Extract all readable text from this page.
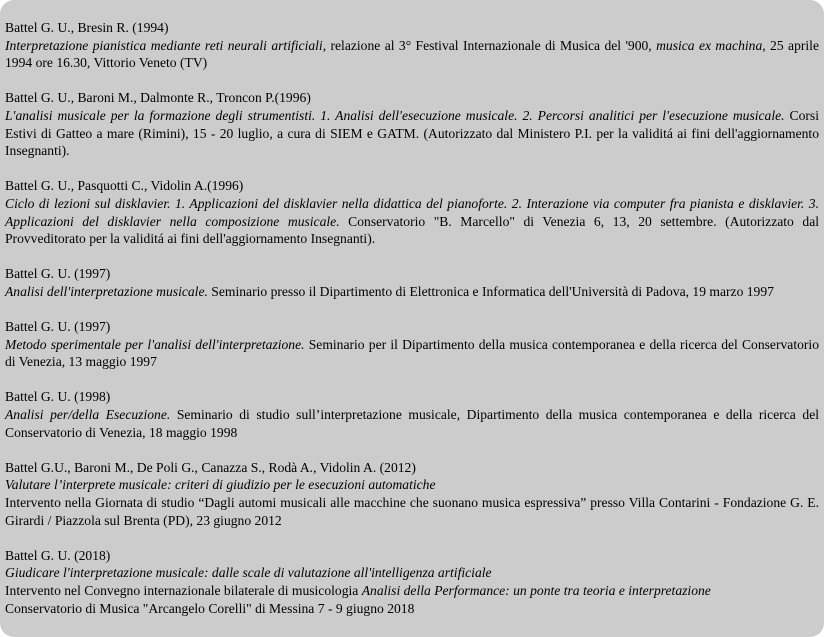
Battel G. U., Bresin R. (1994)
Interpretazione pianistica mediante reti neurali artificiali, relazione al 3° Festival Internazionale di Musica del '900, musica ex machina, 25 aprile 1994 ore 16.30, Vittorio Veneto (TV)

Battel G. U., Baroni M., Dalmonte R., Troncon P.(1996)
L'analisi musicale per la formazione degli strumentisti. 1. Analisi dell'esecuzione musicale. 2. Percorsi analitici per l'esecuzione musicale. Corsi Estivi di Gatteo a mare (Rimini), 15 - 20 luglio, a cura di SIEM e GATM. (Autorizzato dal Ministero P.I. per la validitá ai fini dell'aggiornamento Insegnanti).

Battel G. U., Pasquotti C., Vidolin A.(1996)
Ciclo di lezioni sul disklavier. 1. Applicazioni del disklavier nella didattica del pianoforte. 2. Interazione via computer fra pianista e disklavier. 3. Applicazioni del disklavier nella composizione musicale. Conservatorio "B. Marcello" di Venezia 6, 13, 20 settembre. (Autorizzato dal Provveditorato per la validitá ai fini dell'aggiornamento Insegnanti).

Battel G. U. (1997)
Analisi dell'interpretazione musicale. Seminario presso il Dipartimento di Elettronica e Informatica dell'Università di Padova, 19 marzo 1997

Battel G. U. (1997)
Metodo sperimentale per l'analisi dell'interpretazione. Seminario per il Dipartimento della musica contemporanea e della ricerca del Conservatorio di Venezia, 13 maggio 1997

Battel G. U. (1998)
Analisi per/della Esecuzione. Seminario di studio sull’interpretazione musicale, Dipartimento della musica contemporanea e della ricerca del Conservatorio di Venezia, 18 maggio 1998

Battel G.U., Baroni M., De Poli G., Canazza S., Rodà A., Vidolin A. (2012)
Valutare l’interprete musicale: criteri di giudizio per le esecuzioni automatiche
Intervento nella Giornata di studio “Dagli automi musicali alle macchine che suonano musica espressiva” presso Villa Contarini - Fondazione G. E. Girardi / Piazzola sul Brenta (PD), 23 giugno 2012

Battel G. U. (2018)
Giudicare l'interpretazione musicale: dalle scale di valutazione all'intelligenza artificiale
Intervento nel Convegno internazionale bilaterale di musicologia Analisi della Performance: un ponte tra teoria e interpretazione
Conservatorio di Musica "Arcangelo Corelli" di Messina 7 - 9 giugno 2018
